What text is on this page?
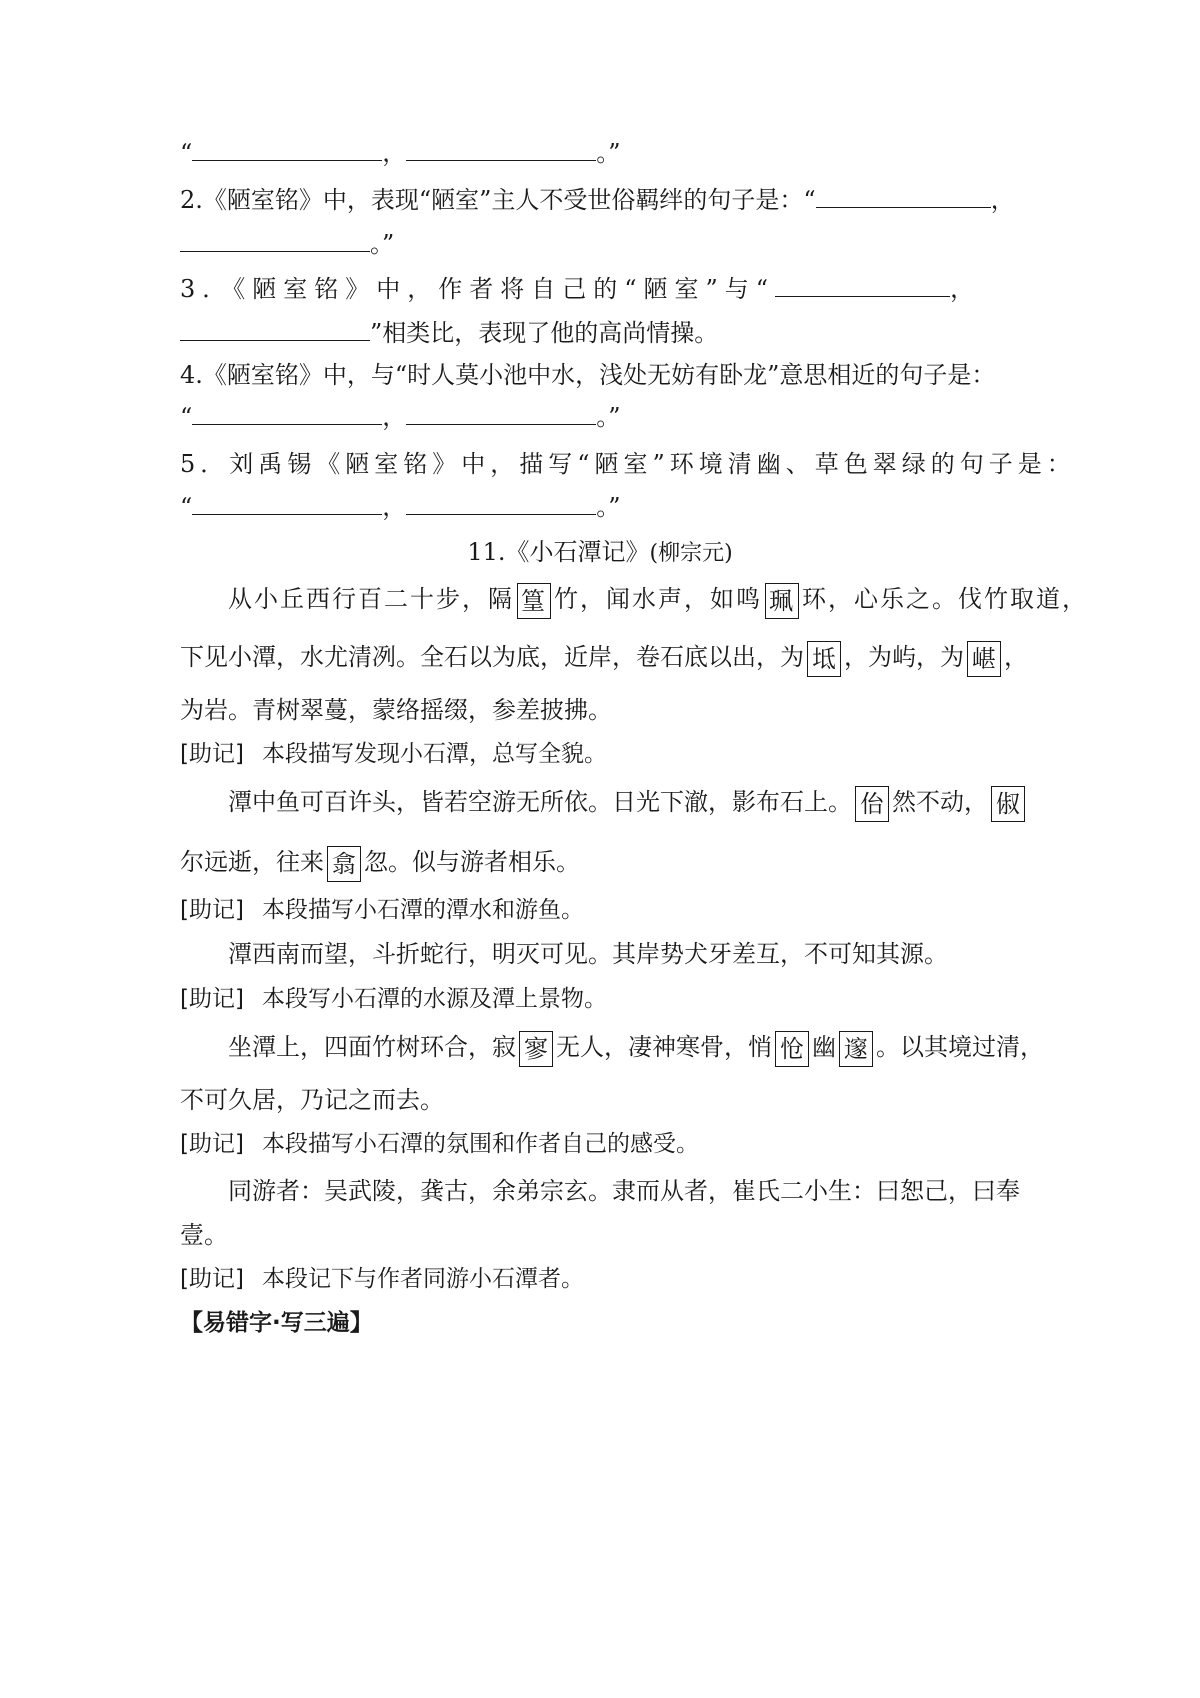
“	，	。”
2.《陋室铭》中，表现“陋室”主人不受世俗羁绊的句子是：“	，
。”
3．《陋室铭》中，作者将自己的“陋室”与“	，
”相类比，表现了他的高尚情操。
4.《陋室铭》中，与“时人莫小池中水，浅处无妨有卧龙”意思相近的句子是：
“	，	。”
5．刘禹锡《陋室铭》中，描写“陋室”环境清幽、草色翠绿的句子是：
“	，	。”
11.《小石潭记》(柳宗元)
从小丘西行百二十步，隔 篁 竹，闻水声，如鸣 珮 环，心乐之。伐竹取道，
下见小潭，水尤清冽。全石以为底，近岸，卷石底以出，为 坻 ，为屿，为 嵁 ，
为岩。青树翠蔓，蒙络摇缀，参差披拂。
[助记] 本段描写发现小石潭，总写全貌。
潭中鱼可百许头，皆若空游无所依。日光下澈，影布石上。 佁 然不动， 俶
尔远逝，往来 翕 忽。似与游者相乐。
[助记] 本段描写小石潭的潭水和游鱼。
潭西南而望，斗折蛇行，明灭可见。其岸势犬牙差互，不可知其源。
[助记] 本段写小石潭的水源及潭上景物。
坐潭上，四面竹树环合，寂 寥 无人，凄神寒骨，悄 怆 幽 邃 。以其境过清，
不可久居，乃记之而去。
[助记] 本段描写小石潭的氛围和作者自己的感受。
同游者：吴武陵，龚古，余弟宗玄。隶而从者，崔氏二小生：曰恕己，曰奉
壹。
[助记] 本段记下与作者同游小石潭者。
【易错字·写三遍】
